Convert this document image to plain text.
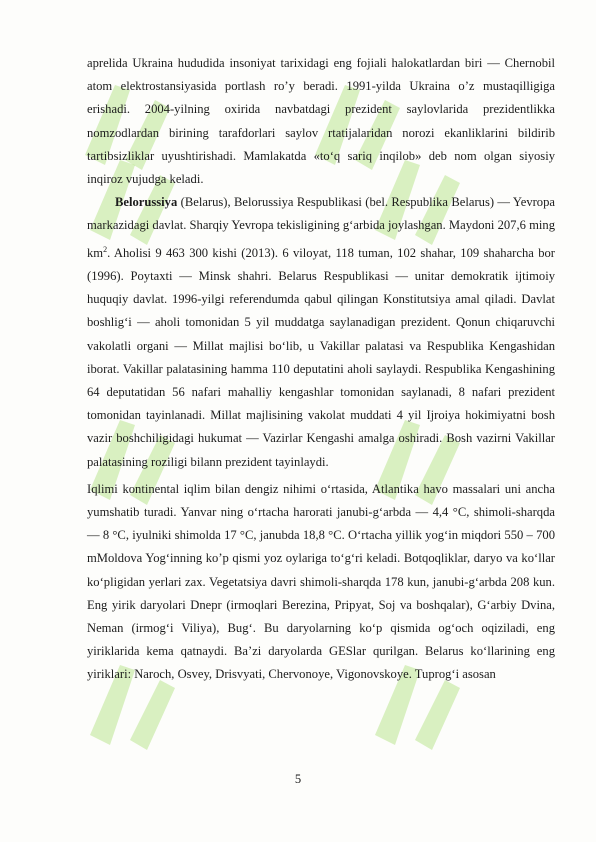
aprelida Ukraina hududida insoniyat tarixidagi eng fojiali halokatlardan biri — Chernobil atom elektrostansiyasida portlash ro’y beradi. 1991-yilda Ukraina o’z mustaqilligiga erishadi. 2004-yilning oxirida navbatdagi prezident saylovlarida prezidentlikka nomzodlardan birining tarafdorlari saylov rtatijalaridan norozi ekanliklarini bildirib tartibsizliklar uyushtirishadi. Mamlakatda «to‘q sariq inqilob» deb nom olgan siyosiy inqiroz vujudga keladi.

Belorussiya (Belarus), Belorussiya Respublikasi (bel. Respublika Belarus) — Yevropa markazidagi davlat. Sharqiy Yevropa tekisligining g‘arbida joylashgan. Maydoni 207,6 ming $km^2$. Aholisi 9 463 300 kishi (2013). 6 viloyat, 118 tuman, 102 shahar, 109 shaharcha bor (1996). Poytaxti — Minsk shahri. Belarus Respublikasi — unitar demokratik ijtimoiy huquqiy davlat. 1996-yilgi referendumda qabul qilingan Konstitutsiya amal qiladi. Davlat boshlig‘i — aholi tomonidan 5 yil muddatga saylanadigan prezident. Qonun chiqaruvchi vakolatli organi — Millat majlisi bo‘lib, u Vakillar palatasi va Respublika Kengashidan iborat. Vakillar palatasining hamma 110 deputatini aholi saylaydi. Respublika Kengashining 64 deputatidan 56 nafari mahalliy kengashlar tomonidan saylanadi, 8 nafari prezident tomonidan tayinlanadi. Millat majlisining vakolat muddati 4 yil Ijroiya hokimiyatni bosh vazir boshchiligidagi hukumat — Vazirlar Kengashi amalga oshiradi. Bosh vazirni Vakillar palatasining roziligi bilann prezident tayinlaydi.

Iqlimi kontinental iqlim bilan dengiz nihimi o‘rtasida, Atlantika havo massalari uni ancha yumshatib turadi. Yanvar ning o‘rtacha harorati janubi-g‘arbda — 4,4 °C, shimoli-sharqda — 8 °C, iyulniki shimolda 17 °C, janubda 18,8 °C. O‘rtacha yillik yog‘in miqdori 550 – 700 mMoldova Yog‘inning ko’p qismi yoz oylariga to‘g‘ri keladi. Botqoqliklar, daryo va ko‘llar ko‘pligidan yerlari zax. Vegetatsiya davri shimoli-sharqda 178 kun, janubi-g‘arbda 208 kun. Eng yirik daryolari Dnepr (irmoqlari Berezina, Pripyat, Soj va boshqalar), G‘arbiy Dvina, Neman (irmog‘i Viliya), Bug‘. Bu daryolarning ko‘p qismida og‘och oqiziladi, eng yiriklarida kema qatnaydi. Ba’zi daryolarda GESlar qurilgan. Belarus ko‘llarining eng yiriklari: Naroch, Osvey, Drisvyati, Chervonoye, Vigonovskoye. Tuprog‘i asosan

5
